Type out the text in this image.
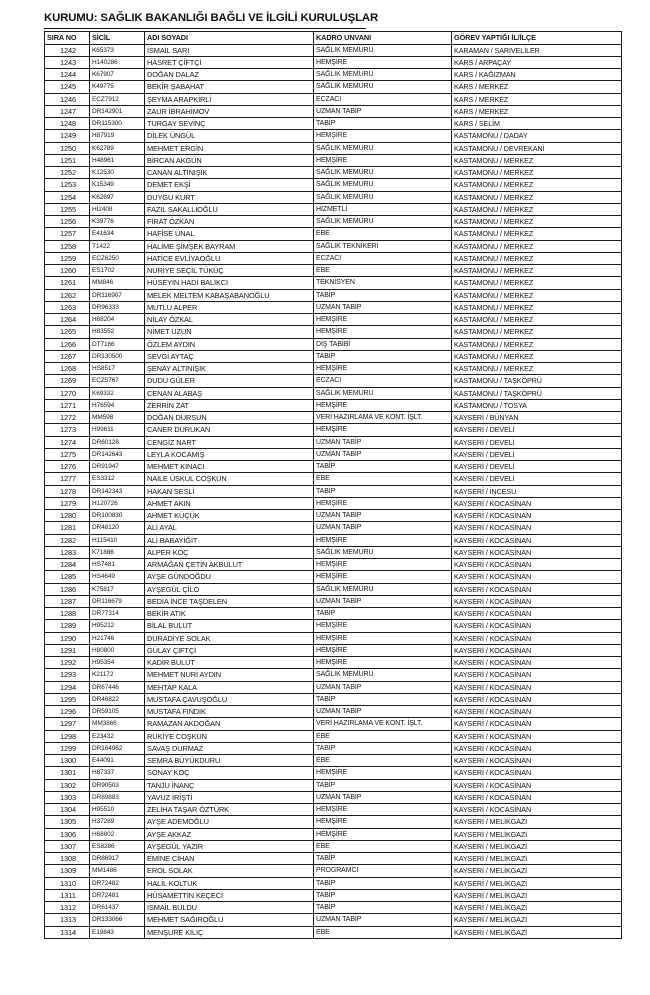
KURUMU: SAĞLIK BAKANLIĞI BAĞLI VE İLGİLİ KURULUŞLAR
SIRA NO	SİCİL	ADI SOYADI	KADRO UNVANI	GÖREV YAPTIĞI İL/İLÇE
1242	K65373	İSMAİL SARI	SAĞLIK MEMURU	KARAMAN / SARIVELİLER
1243	H140286	HASRET ÇİFTÇİ	HEMŞİRE	KARS / ARPAÇAY
1244	K67907	DOĞAN DALAZ	SAĞLIK MEMURU	KARS / KAĞIZMAN
1245	K49775	BEKİR ŞABAHAT	SAĞLIK MEMURU	KARS / MERKEZ
1246	ECZ7912	ŞEYMA ARAPKİRLİ	ECZACI	KARS / MERKEZ
1247	DR142901	ZAUR İBRAHİMOV	UZMAN TABİP	KARS / MERKEZ
1248	DR115300	TURGAY SEVİNÇ	TABİP	KARS / SELİM
1249	H87919	DİLEK ÜNGÜL	HEMŞİRE	KASTAMONU / DADAY
1250	K62789	MEHMET ERGİN	SAĞLIK MEMURU	KASTAMONU / DEVREKANİ
1251	H48961	BİRCAN AKGÜN	HEMŞİRE	KASTAMONU / MERKEZ
1252	K12530	CANAN ALTINIŞIK	SAĞLIK MEMURU	KASTAMONU / MERKEZ
1253	K15349	DEMET EKŞİ	SAĞLIK MEMURU	KASTAMONU / MERKEZ
1254	K62697	DUYGU KURT	SAĞLIK MEMURU	KASTAMONU / MERKEZ
1255	Hİ2408	FAZIL SAKALLIOĞLU	HİZMETLİ	KASTAMONU / MERKEZ
1256	K39776	FIRAT ÖZKAN	SAĞLIK MEMURU	KASTAMONU / MERKEZ
1257	E41634	HAFİSE ÜNAL	EBE	KASTAMONU / MERKEZ
1258	T1422	HALİME ŞİMŞEK BAYRAM	SAĞLIK TEKNİKERİ	KASTAMONU / MERKEZ
1259	ECZ6250	HATİCE EVLİYAOĞLU	ECZACI	KASTAMONU / MERKEZ
1260	ES1702	NURİYE SEÇİL TÜKÜÇ	EBE	KASTAMONU / MERKEZ
1261	MM846	HÜSEYİN HADİ BALIKCI	TEKNİSYEN	KASTAMONU / MERKEZ
1262	DR116907	MELEK MELTEM KABAŞABANOĞLU	TABİP	KASTAMONU / MERKEZ
1263	DR96333	MUTLU ALPER	UZMAN TABİP	KASTAMONU / MERKEZ
1264	H68204	NİLAY ÖZKAL	HEMŞİRE	KASTAMONU / MERKEZ
1265	H83552	NİMET UZUN	HEMŞİRE	KASTAMONU / MERKEZ
1266	DT7166	ÖZLEM AYDIN	DİŞ TABİBİ	KASTAMONU / MERKEZ
1267	DR130500	SEVGİ AYTAÇ	TABİP	KASTAMONU / MERKEZ
1268	HS8517	ŞENAY ALTINIŞIK	HEMŞİRE	KASTAMONU / MERKEZ
1269	ECZ5767	DUDU GÜLER	ECZACI	KASTAMONU / TAŞKÖPRÜ
1270	K69332	CENAN ALABAŞ	SAĞLIK MEMURU	KASTAMONU / TAŞKÖPRÜ
1271	H76594	ZERRİN ZAT	HEMŞİRE	KASTAMONU / TOSYA
1272	MM598	DOĞAN DURSUN	VERİ HAZIRLAMA VE KONT. İŞLT.	KAYSERİ / BÜNYAN
1273	H99611	CANER DURUKAN	HEMŞİRE	KAYSERİ / DEVELİ
1274	DR60128	CENGİZ NART	UZMAN TABİP	KAYSERİ / DEVELİ
1275	DR142643	LEYLA KOCAMIŞ	UZMAN TABİP	KAYSERİ / DEVELİ
1276	DR91947	MEHMET KINACI	TABİP	KAYSERİ / DEVELİ
1277	ES3312	NAİLE ÜSKÜL COŞKUN	EBE	KAYSERİ / DEVELİ
1278	DR142343	HAKAN SESLİ	TABİP	KAYSERİ / İNCESU
1279	H120726	AHMET AKIN	HEMŞİRE	KAYSERİ / KOCASİNAN
1280	DR100830	AHMET KÜÇÜK	UZMAN TABİP	KAYSERİ / KOCASİNAN
1281	DR48120	ALİ AYAL	UZMAN TABİP	KAYSERİ / KOCASİNAN
1282	H115410	ALİ BABAYİĞİT	HEMŞİRE	KAYSERİ / KOCASİNAN
1283	K71886	ALPER KOÇ	SAĞLIK MEMURU	KAYSERİ / KOCASİNAN
1284	HS7481	ARMAĞAN ÇETİN AKBULUT	HEMŞİRE	KAYSERİ / KOCASİNAN
1285	HS4649	AYŞE GÜNDOĞDU	HEMŞİRE	KAYSERİ / KOCASİNAN
1286	K75817	AYŞEGÜL ÇİLO	SAĞLIK MEMURU	KAYSERİ / KOCASİNAN
1287	DR116679	BEDİA İNCE TAŞDELEN	UZMAN TABİP	KAYSERİ / KOCASİNAN
1288	DR77314	BEKİR ATİK	TABİP	KAYSERİ / KOCASİNAN
1289	H95212	BİLAL BULUT	HEMŞİRE	KAYSERİ / KOCASİNAN
1290	H21746	DURADİYE SOLAK	HEMŞİRE	KAYSERİ / KOCASİNAN
1291	H80800	GÜLAY ÇİFTÇİ	HEMŞİRE	KAYSERİ / KOCASİNAN
1292	H95354	KADİR BULUT	HEMŞİRE	KAYSERİ / KOCASİNAN
1293	K21172	MEHMET NURİ AYDIN	SAĞLIK MEMURU	KAYSERİ / KOCASİNAN
1294	DR67446	MEHTAP KALA	UZMAN TABİP	KAYSERİ / KOCASİNAN
1295	DR46822	MUSTAFA ÇAVUŞOĞLU	TABİP	KAYSERİ / KOCASİNAN
1296	DR59105	MUSTAFA FINDIK	UZMAN TABİP	KAYSERİ / KOCASİNAN
1297	MM3866	RAMAZAN AKDOĞAN	VERİ HAZIRLAMA VE KONT. İŞLT.	KAYSERİ / KOCASİNAN
1298	E23432	RUKİYE COŞKUN	EBE	KAYSERİ / KOCASİNAN
1299	DR164962	SAVAŞ DURMAZ	TABİP	KAYSERİ / KOCASİNAN
1300	E44091	SEMRA BÜYÜKDURU	EBE	KAYSERİ / KOCASİNAN
1301	H87337	SONAY KOÇ	HEMŞİRE	KAYSERİ / KOCASİNAN
1302	DR90503	TANJU İNANÇ	TABİP	KAYSERİ / KOCASİNAN
1303	DR89883	YAVUZ İRİŞTİ	UZMAN TABİP	KAYSERİ / KOCASİNAN
1304	H95510	ZELİHA TAŞAR ÖZTÜRK	HEMŞİRE	KAYSERİ / KOCASİNAN
1305	H37289	AYŞE ADEMOĞLU	HEMŞİRE	KAYSERİ / MELİKGAZİ
1306	H68802	AYŞE AKKAZ	HEMŞİRE	KAYSERİ / MELİKGAZİ
1307	ES8286	AYŞEGÜL YAZIR	EBE	KAYSERİ / MELİKGAZİ
1308	DR86917	EMİNE CİHAN	TABİP	KAYSERİ / MELİKGAZİ
1309	MM1486	EROL SOLAK	PROGRAMCI	KAYSERİ / MELİKGAZİ
1310	DR72482	HALİL KOLTUK	TABİP	KAYSERİ / MELİKGAZİ
1311	DR72481	HÜSAMETTİN KEÇECİ	TABİP	KAYSERİ / MELİKGAZİ
1312	DR61437	İSMAİL BULDU	TABİP	KAYSERİ / MELİKGAZİ
1313	DR133066	MEHMET SAĞIROĞLU	UZMAN TABİP	KAYSERİ / MELİKGAZİ
1314	E19843	MENŞURE KILIÇ	EBE	KAYSERİ / MELİKGAZİ
